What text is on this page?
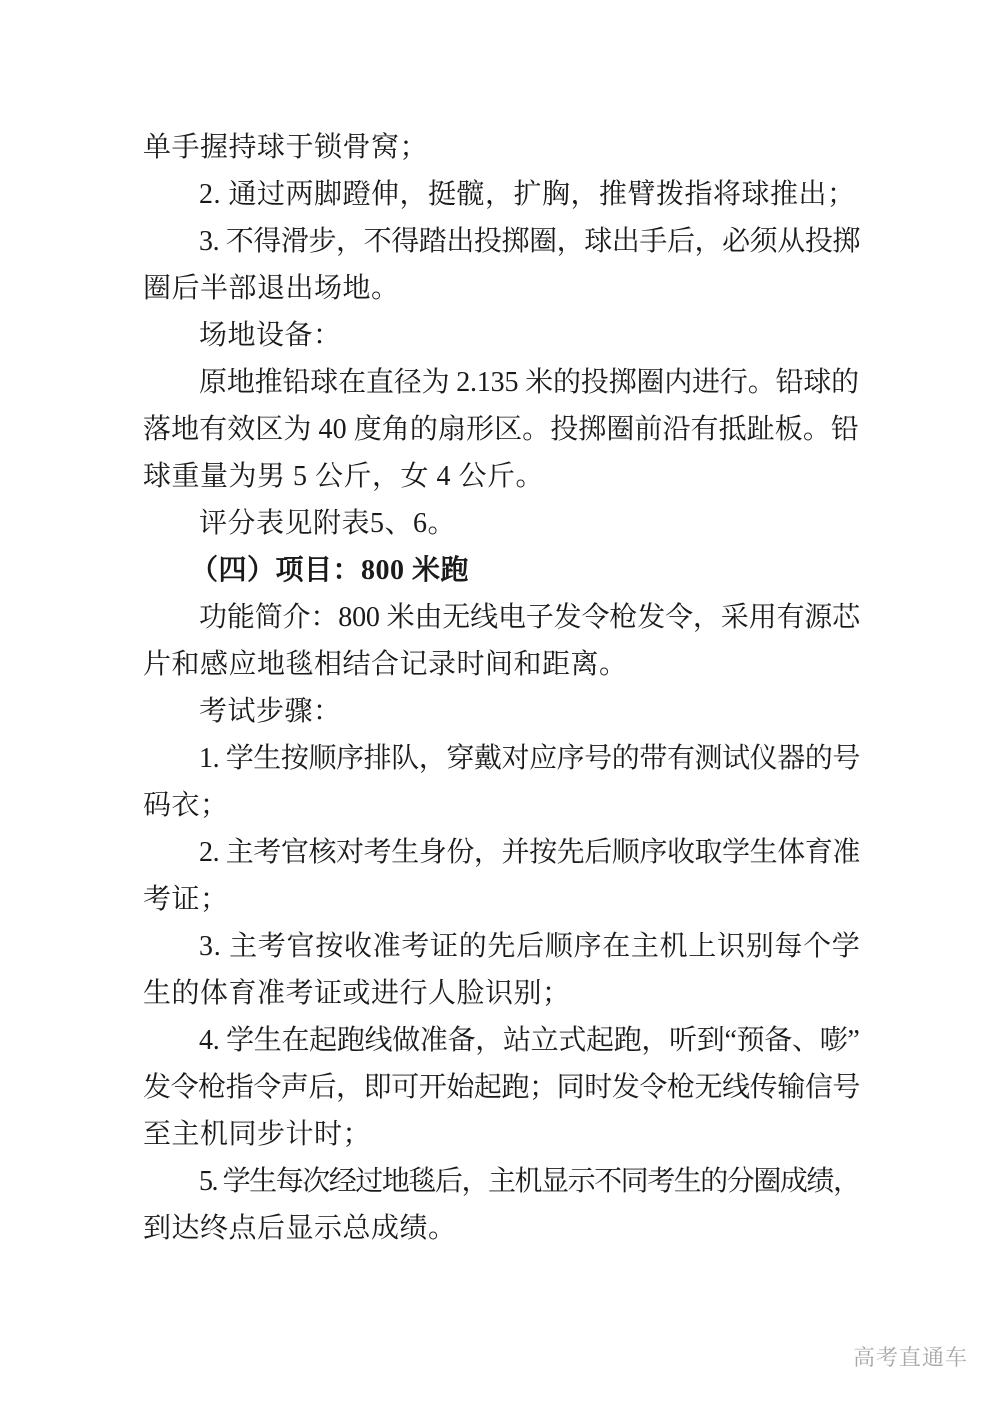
单手握持球于锁骨窝；
2. 通过两脚蹬伸，挺髋，扩胸，推臂拨指将球推出；
3. 不得滑步，不得踏出投掷圈，球出手后，必须从投掷
圈后半部退出场地。
场地设备：
原地推铅球在直径为 2.135 米的投掷圈内进行。铅球的
落地有效区为 40 度角的扇形区。投掷圈前沿有抵趾板。铅
球重量为男 5 公斤，女 4 公斤。
评分表见附表5、6。
（四）项目：800 米跑
功能简介：800 米由无线电子发令枪发令，采用有源芯
片和感应地毯相结合记录时间和距离。
考试步骤：
1. 学生按顺序排队，穿戴对应序号的带有测试仪器的号
码衣；
2. 主考官核对考生身份，并按先后顺序收取学生体育准
考证；
3. 主考官按收准考证的先后顺序在主机上识别每个学
生的体育准考证或进行人脸识别；
4. 学生在起跑线做准备，站立式起跑，听到“预备、嘭”
发令枪指令声后，即可开始起跑；同时发令枪无线传输信号
至主机同步计时；
5. 学生每次经过地毯后，主机显示不同考生的分圈成绩，
到达终点后显示总成绩。
高考直通车
